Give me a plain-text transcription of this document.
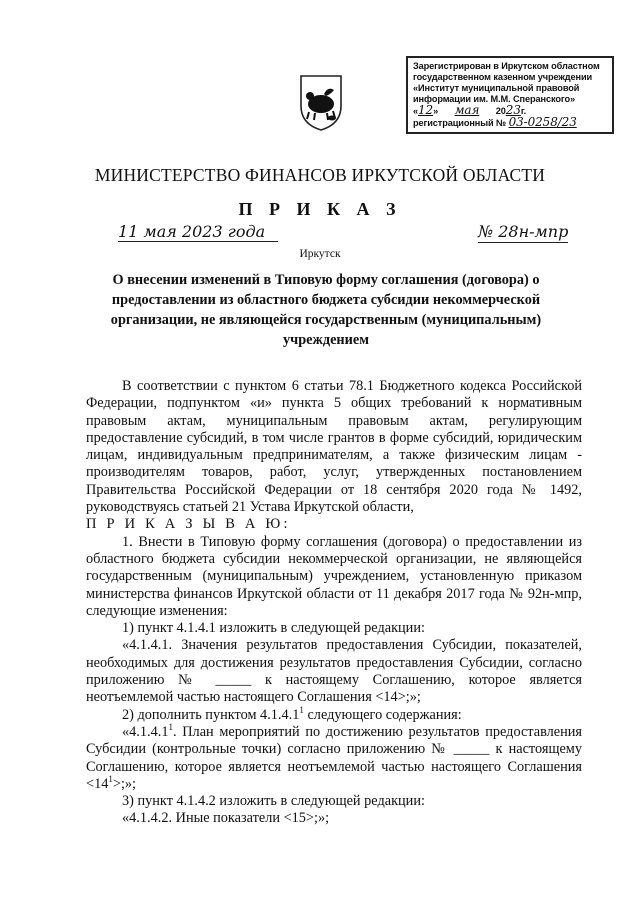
Зарегистрирован в Иркутском областном
государственном казенном учреждении
«Институт муниципальной правовой
информации им. М.М. Сперанского»
«12» мая 2023г.
регистрационный № 03-0258/23
МИНИСТЕРСТВО ФИНАНСОВ ИРКУТСКОЙ ОБЛАСТИ
П Р И К А З
11 мая 2023 года	№ 28н-мпр
Иркутск
О внесении изменений в Типовую форму соглашения (договора) о предоставлении из областного бюджета субсидии некоммерческой организации, не являющейся государственным (муниципальным) учреждением

В соответствии с пунктом 6 статьи 78.1 Бюджетного кодекса Российской Федерации, подпунктом «и» пункта 5 общих требований к нормативным правовым актам, муниципальным правовым актам, регулирующим предоставление субсидий, в том числе грантов в форме субсидий, юридическим лицам, индивидуальным предпринимателям, а также физическим лицам - производителям товаров, работ, услуг, утвержденных постановлением Правительства Российской Федерации от 18 сентября 2020 года № 1492, руководствуясь статьей 21 Устава Иркутской области,

П Р И К А З Ы В А Ю:

1. Внести в Типовую форму соглашения (договора) о предоставлении из областного бюджета субсидии некоммерческой организации, не являющейся государственным (муниципальным) учреждением, установленную приказом министерства финансов Иркутской области от 11 декабря 2017 года № 92н-мпр, следующие изменения:

1) пункт 4.1.4.1 изложить в следующей редакции:

«4.1.4.1. Значения результатов предоставления Субсидии, показателей, необходимых для достижения результатов предоставления Субсидии, согласно приложению № _____ к настоящему Соглашению, которое является неотъемлемой частью настоящего Соглашения <14>;»;

2) дополнить пунктом 4.1.4.1$^1$ следующего содержания:

«4.1.4.1$^1$. План мероприятий по достижению результатов предоставления Субсидии (контрольные точки) согласно приложению № _____ к настоящему Соглашению, которое является неотъемлемой частью настоящего Соглашения $<14^1>$;»;

3) пункт 4.1.4.2 изложить в следующей редакции:

«4.1.4.2. Иные показатели <15>;»;
